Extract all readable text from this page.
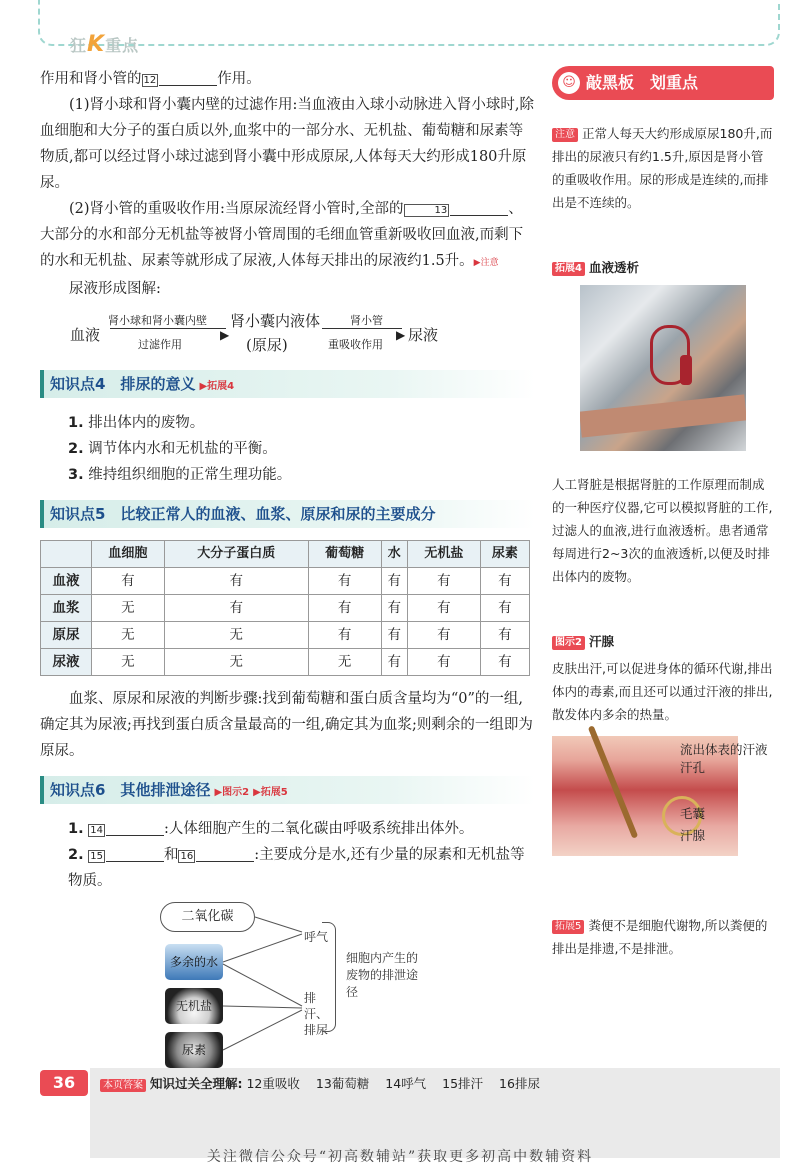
狂K重点
作用和肾小管的 12	作用。
(1)肾小球和肾小囊内壁的过滤作用:当血液由入球小动脉进入肾小球时,除血细胞和大分子的蛋白质以外,血浆中的一部分水、无机盐、葡萄糖和尿素等物质,都可以经过肾小球过滤到肾小囊中形成原尿,人体每天大约形成180升原尿。
(2)肾小管的重吸收作用:当原尿流经肾小管时,全部的	13	、大部分的水和部分无机盐等被肾小管周围的毛细血管重新吸收回血液,而剩下的水和无机盐、尿素等就形成了尿液,人体每天排出的尿液约1.5升。▶注意
尿液形成图解:
血液
肾小球和肾小囊内壁
▶
过滤作用
肾小囊内液体
(原尿)
肾小管
▶
重吸收作用
尿液
知识点4　排尿的意义 ▶拓展4
1. 排出体内的废物。
2. 调节体内水和无机盐的平衡。
3. 维持组织细胞的正常生理功能。
知识点5　比较正常人的血液、血浆、原尿和尿的主要成分
	血细胞	大分子蛋白质	葡萄糖	水	无机盐	尿素
血液	有	有	有	有	有	有
血浆	无	有	有	有	有	有
原尿	无	无	有	有	有	有
尿液	无	无	无	有	有	有
血浆、原尿和尿液的判断步骤:找到葡萄糖和蛋白质含量均为“0”的一组,确定其为尿液;再找到蛋白质含量最高的一组,确定其为血浆;则剩余的一组即为原尿。
知识点6　其他排泄途径 ▶图示2 ▶拓展5
1. 14	:人体细胞产生的二氧化碳由呼吸系统排出体外。
2. 15	和 16	:主要成分是水,还有少量的尿素和无机盐等物质。
二氧化碳
多余的水
无机盐
尿素
呼气
排汗、排尿
细胞内产生的废物的排泄途径
☺ 敲黑板　划重点
注意 正常人每天大约形成原尿180升,而排出的尿液只有约1.5升,原因是肾小管的重吸收作用。尿的形成是连续的,而排出是不连续的。
拓展4 血液透析
人工肾脏是根据肾脏的工作原理而制成的一种医疗仪器,它可以模拟肾脏的工作,过滤人的血液,进行血液透析。患者通常每周进行2~3次的血液透析,以便及时排出体内的废物。
图示2 汗腺
皮肤出汗,可以促进身体的循环代谢,排出体内的毒素,而且还可以通过汗液的排出,散发体内多余的热量。
流出体表的汗液
汗孔
毛囊
汗腺
拓展5 粪便不是细胞代谢物,所以粪便的排出是排遗,不是排泄。
36	本页答案 知识过关全理解: 12重吸收 13葡萄糖 14呼气 15排汗 16排尿
关注微信公众号“初高数辅站”获取更多初高中数辅资料
